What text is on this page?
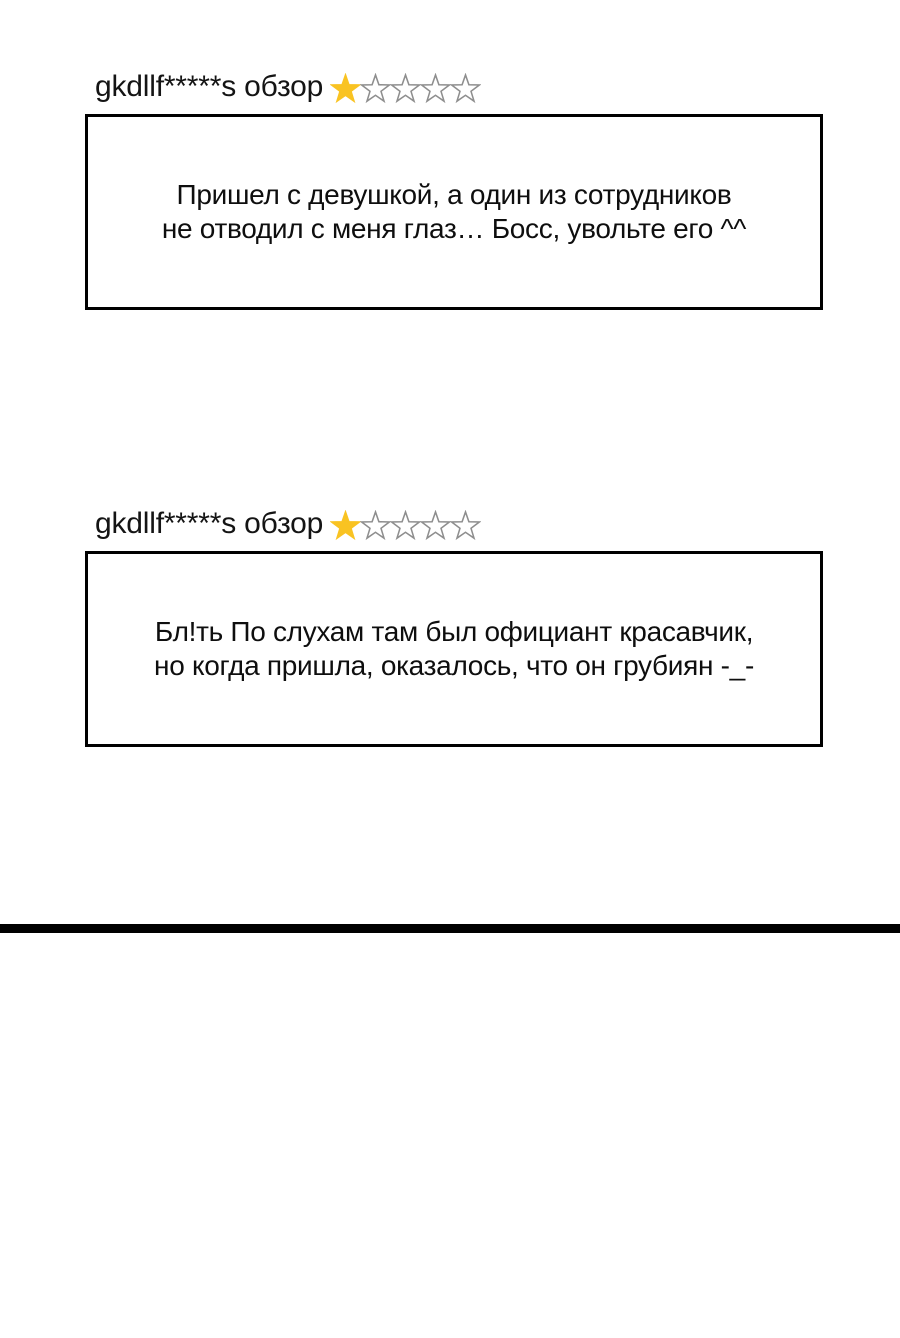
gkdllf*****s обзор

Пришел с девушкой, а один из сотрудников
не отводил с меня глаз… Босс, увольте его ^^

gkdllf*****s обзор

Бл!ть По слухам там был официант красавчик,
но когда пришла, оказалось, что он грубиян -_-
